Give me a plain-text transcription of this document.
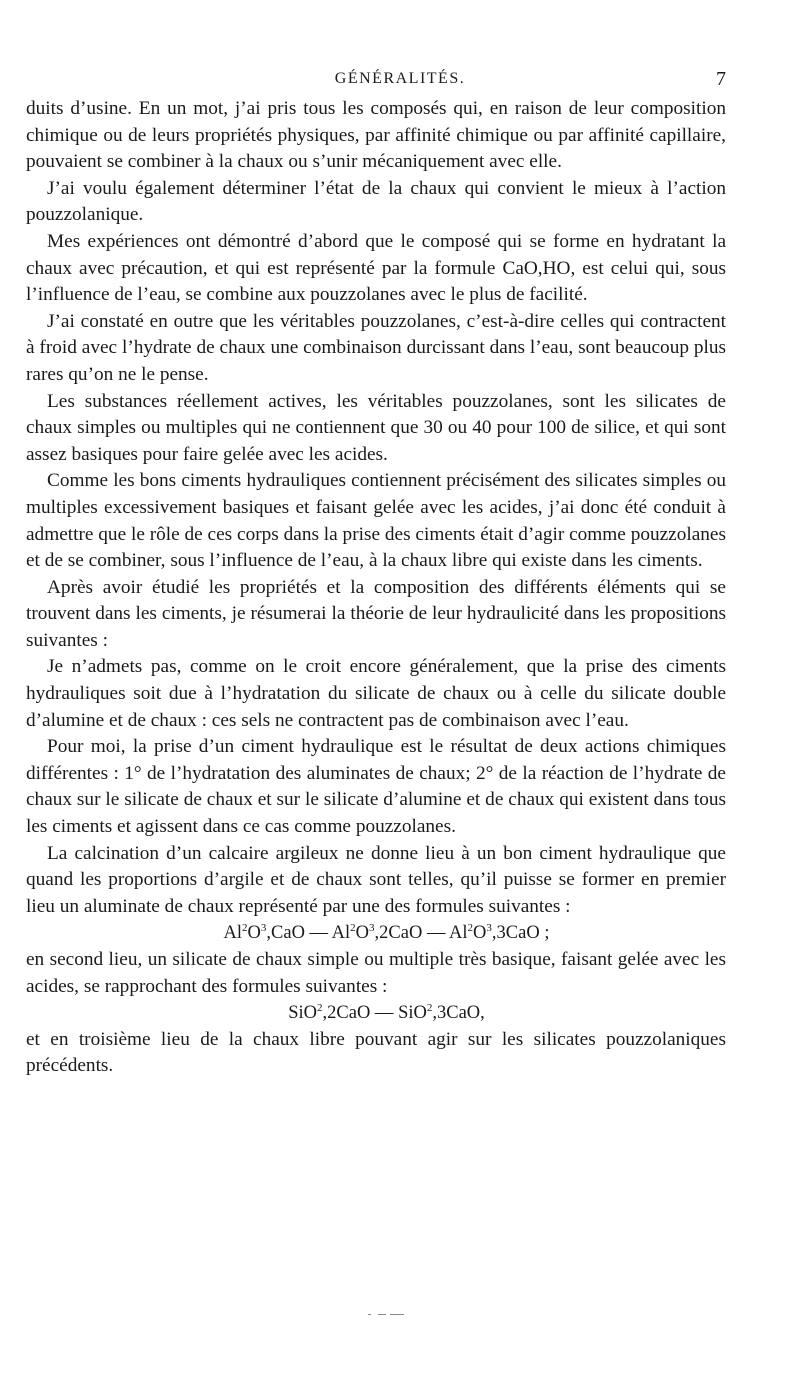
GÉNÉRALITÉS.	7

duits d’usine. En un mot, j’ai pris tous les composés qui, en raison de leur composition chimique ou de leurs propriétés physiques, par affinité chimique ou par affinité capillaire, pouvaient se combiner à la chaux ou s’unir mécaniquement avec elle.

J’ai voulu également déterminer l’état de la chaux qui convient le mieux à l’action pouzzolanique.

Mes expériences ont démontré d’abord que le composé qui se forme en hydratant la chaux avec précaution, et qui est représenté par la formule CaO,HO, est celui qui, sous l’influence de l’eau, se combine aux pouzzolanes avec le plus de facilité.

J’ai constaté en outre que les véritables pouzzolanes, c’est-à-dire celles qui contractent à froid avec l’hydrate de chaux une combinaison durcissant dans l’eau, sont beaucoup plus rares qu’on ne le pense.

Les substances réellement actives, les véritables pouzzolanes, sont les silicates de chaux simples ou multiples qui ne contiennent que 30 ou 40 pour 100 de silice, et qui sont assez basiques pour faire gelée avec les acides.

Comme les bons ciments hydrauliques contiennent précisément des silicates simples ou multiples excessivement basiques et faisant gelée avec les acides, j’ai donc été conduit à admettre que le rôle de ces corps dans la prise des ciments était d’agir comme pouzzolanes et de se combiner, sous l’influence de l’eau, à la chaux libre qui existe dans les ciments.

Après avoir étudié les propriétés et la composition des différents éléments qui se trouvent dans les ciments, je résumerai la théorie de leur hydraulicité dans les propositions suivantes :

Je n’admets pas, comme on le croit encore généralement, que la prise des ciments hydrauliques soit due à l’hydratation du silicate de chaux ou à celle du silicate double d’alumine et de chaux : ces sels ne contractent pas de combinaison avec l’eau.

Pour moi, la prise d’un ciment hydraulique est le résultat de deux actions chimiques différentes : 1° de l’hydratation des aluminates de chaux; 2° de la réaction de l’hydrate de chaux sur le silicate de chaux et sur le silicate d’alumine et de chaux qui existent dans tous les ciments et agissent dans ce cas comme pouzzolanes.

La calcination d’un calcaire argileux ne donne lieu à un bon ciment hydraulique que quand les proportions d’argile et de chaux sont telles, qu’il puisse se former en premier lieu un aluminate de chaux représenté par une des formules suivantes :

$Al^2O^3,CaO$ — $Al^2O^3,2CaO$ — $Al^2O^3,3CaO$ ;

en second lieu, un silicate de chaux simple ou multiple très basique, faisant gelée avec les acides, se rapprochant des formules suivantes :

SiO$^2$,2CaO — SiO$^2$,3CaO,

et en troisième lieu de la chaux libre pouvant agir sur les silicates pouzzolaniques précédents.
